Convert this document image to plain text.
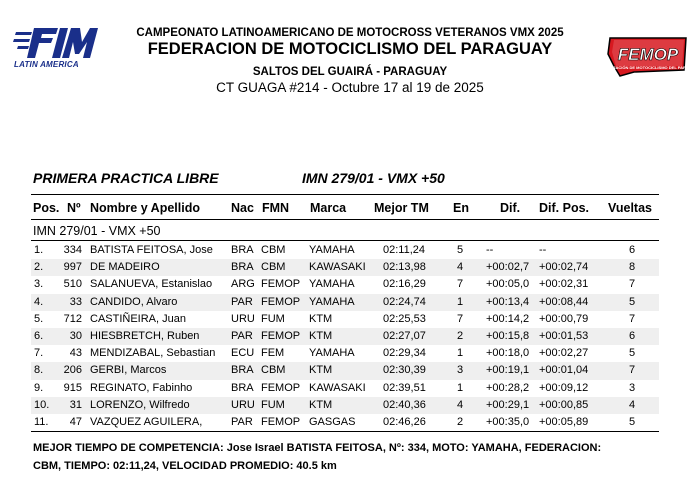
LATIN AMERICA
FEMOP
FEDERACIÓN DE MOTOCICLISMO DEL PARAGUAY
CAMPEONATO LATINOAMERICANO DE MOTOCROSS VETERANOS VMX 2025
FEDERACION DE MOTOCICLISMO DEL PARAGUAY
SALTOS DEL GUAIRÁ - PARAGUAY
CT GUAGA #214 - Octubre 17 al 19 de 2025
PRIMERA PRACTICA LIBRE	IMN 279/01 - VMX +50
Pos. Nº Nombre y Apellido Nac FMN Marca Mejor TM En Dif. Dif. Pos. Vueltas
IMN 279/01 - VMX +50
1. 334 BATISTA FEITOSA, Jose	BRA CBM YAMAHA	02:11,24	5	--	--	6
2. 997 DE MADEIRO	BRA CBM KAWASAKI 02:13,98	4	+00:02,7 +00:02,74	8
3. 510 SALANUEVA, Estanislao	ARG FEMOP YAMAHA	02:16,29	7	+00:05,0 +00:02,31	7
4.	33 CANDIDO, Alvaro	PAR FEMOP YAMAHA	02:24,74	1	+00:13,4 +00:08,44	5
5. 712 CASTIÑEIRA, Juan	URU FUM KTM	02:25,53	7	+00:14,2 +00:00,79	7
6.	30 HIESBRETCH, Ruben	PAR FEMOP KTM	02:27,07	2	+00:15,8 +00:01,53	6
7.	43 MENDIZABAL, Sebastian	ECU FEM YAMAHA	02:29,34	1	+00:18,0 +00:02,27	5
8. 206 GERBI, Marcos	BRA CBM KTM	02:30,39	3	+00:19,1 +00:01,04	7
9. 915 REGINATO, Fabinho	BRA FEMOP KAWASAKI 02:39,51	1	+00:28,2 +00:09,12	3
10.	31 LORENZO, Wilfredo	URU FUM KTM	02:40,36	4	+00:29,1 +00:00,85	4
11.	47 VAZQUEZ AGUILERA,	PAR FEMOP GASGAS	02:46,26	2	+00:35,0 +00:05,89	5
MEJOR TIEMPO DE COMPETENCIA: Jose Israel BATISTA FEITOSA, Nº: 334, MOTO: YAMAHA, FEDERACION:
CBM, TIEMPO: 02:11,24, VELOCIDAD PROMEDIO: 40.5 km
